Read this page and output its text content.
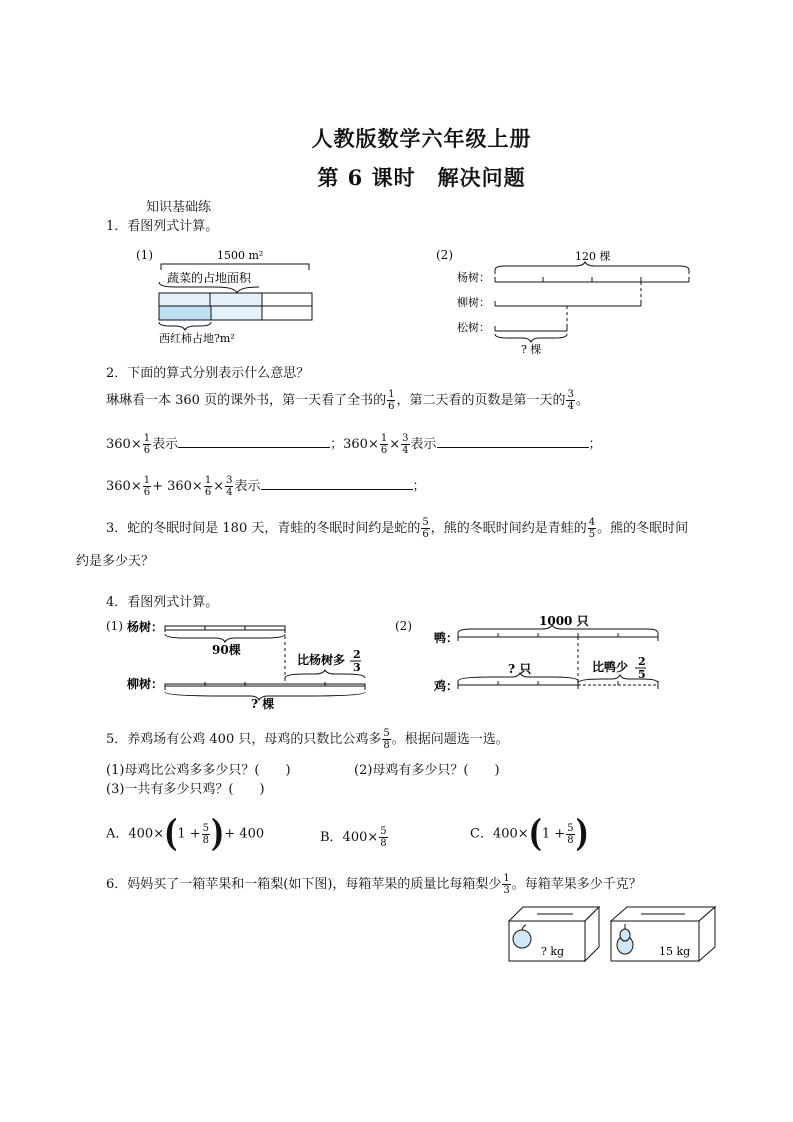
人教版数学六年级上册
第 6 课时　解决问题
知识基础练
1．看图列式计算。
(1)	1500 m²
蔬菜的占地面积
西红柿占地?m²
(2)	120 棵
杨树：
柳树：
松树：
? 棵
2．下面的算式分别表示什么意思？
琳琳看一本 360 页的课外书，第一天看了全书的 $\frac{1}{6}$ ，第二天看的页数是第一天的 $\frac{3}{4}$ 。
$360\times \frac{1}{6}$ 表示	；$360\times \frac{1}{6} \times \frac{3}{4}$ 表示	；
$360\times \frac{1}{6} + 360\times \frac{1}{6} \times \frac{3}{4}$ 表示	；
3．蛇的冬眠时间是 180 天，青蛙的冬眠时间约是蛇的 $\frac{5}{6}$ ，熊的冬眠时间约是青蛙的 $\frac{4}{5}$ 。熊的冬眠时间
约是多少天？
4．看图列式计算。
(1) 杨树：
90棵
比杨树多 2
3
柳树：
? 棵
(2)	1000 只
鸭：
? 只	比鸭少 2
5
鸡：
5．养鸡场有公鸡 400 只，母鸡的只数比公鸡多 $\frac{5}{8}$ 。根据问题选一选。
(1)母鸡比公鸡多多少只？(　　)	(2)母鸡有多少只？(　　)
(3)一共有多少只鸡？(　　)
A．$400\times(1 + \frac{5}{8}$ )+ 400	B．$400\times \frac{5}{8}$	C．$400\times(1 + \frac{5}{8}$ )
6．妈妈买了一箱苹果和一箱梨(如下图)，每箱苹果的质量比每箱梨少 $\frac{1}{3}$ 。每箱苹果多少千克？
? kg	15 kg
